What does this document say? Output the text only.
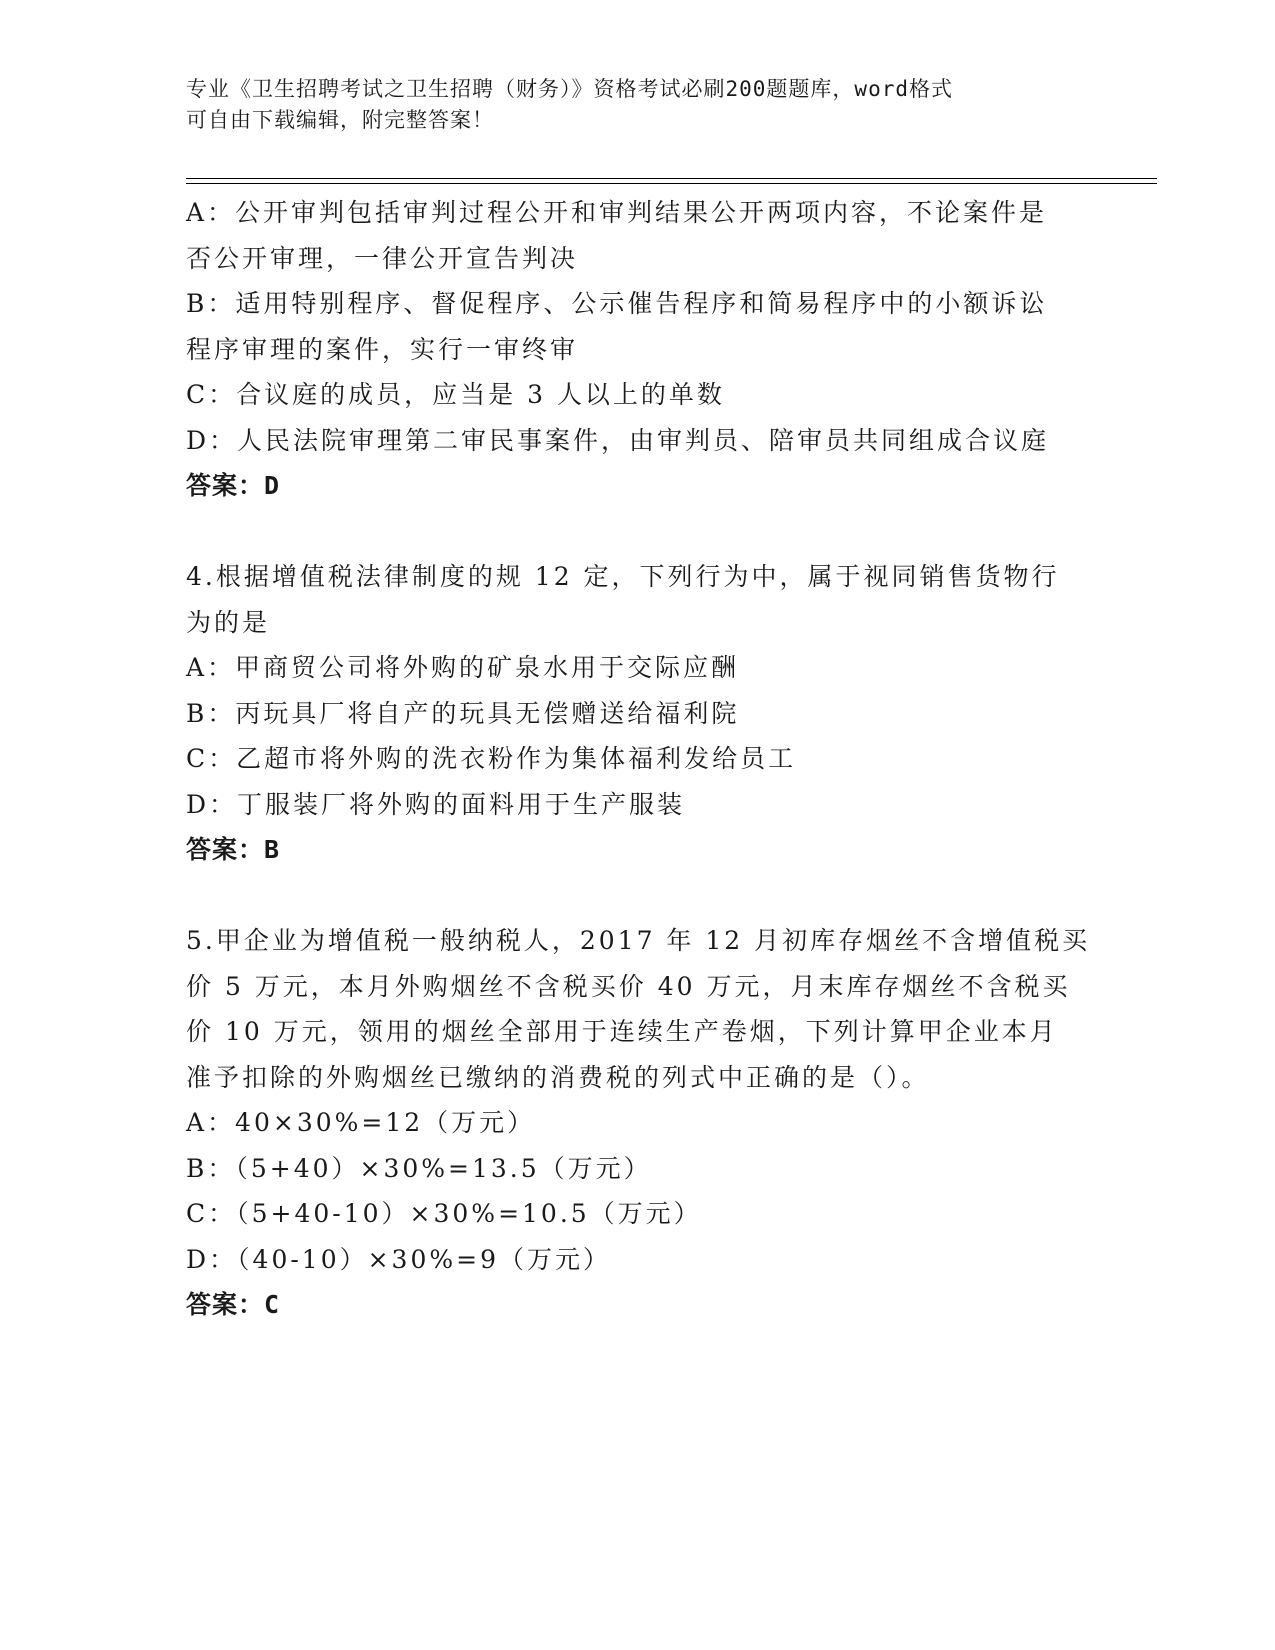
专业《卫生招聘考试之卫生招聘（财务）》资格考试必刷200题题库，word格式
可自由下载编辑，附完整答案！
A：公开审判包括审判过程公开和审判结果公开两项内容，不论案件是
否公开审理，一律公开宣告判决
B：适用特别程序、督促程序、公示催告程序和简易程序中的小额诉讼
程序审理的案件，实行一审终审
C：合议庭的成员，应当是 3 人以上的单数
D：人民法院审理第二审民事案件，由审判员、陪审员共同组成合议庭
答案：D
4.根据增值税法律制度的规 12 定，下列行为中，属于视同销售货物行
为的是
A：甲商贸公司将外购的矿泉水用于交际应酬
B：丙玩具厂将自产的玩具无偿赠送给福利院
C：乙超市将外购的洗衣粉作为集体福利发给员工
D：丁服装厂将外购的面料用于生产服装
答案：B
5.甲企业为增值税一般纳税人，2017 年 12 月初库存烟丝不含增值税买
价 5 万元，本月外购烟丝不含税买价 40 万元，月末库存烟丝不含税买
价 10 万元，领用的烟丝全部用于连续生产卷烟，下列计算甲企业本月
准予扣除的外购烟丝已缴纳的消费税的列式中正确的是（）。
A：40×30%=12（万元）
B：（5+40）×30%=13.5（万元）
C：（5+40-10）×30%=10.5（万元）
D：（40-10）×30%=9（万元）
答案：C
